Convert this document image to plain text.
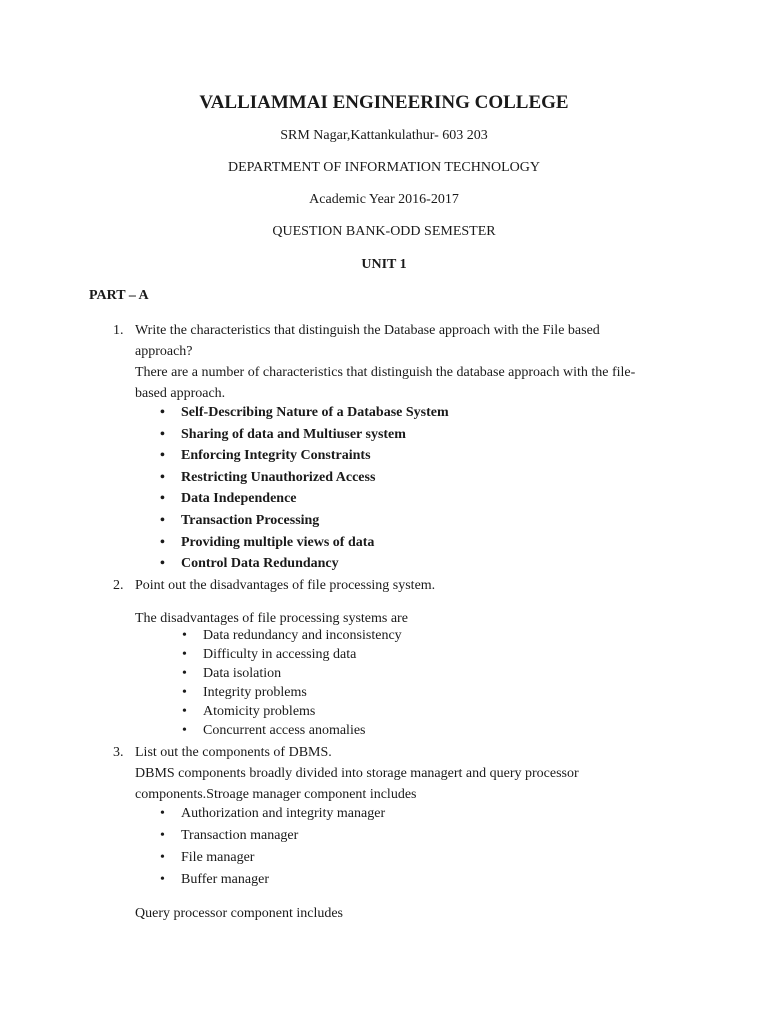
VALLIAMMAI ENGINEERING COLLEGE
SRM Nagar,Kattankulathur- 603 203
DEPARTMENT OF INFORMATION TECHNOLOGY
Academic Year 2016-2017
QUESTION BANK-ODD SEMESTER
UNIT 1
PART – A
1. Write the characteristics that distinguish the Database approach with the File based
approach?
There are a number of characteristics that distinguish the database approach with the file-
based approach.
• Self-Describing Nature of a Database System
• Sharing of data and Multiuser system
• Enforcing Integrity Constraints
• Restricting Unauthorized Access
• Data Independence
• Transaction Processing
• Providing multiple views of data
• Control Data Redundancy
2. Point out the disadvantages of file processing system.
The disadvantages of file processing systems are
• Data redundancy and inconsistency
• Difficulty in accessing data
• Data isolation
• Integrity problems
• Atomicity problems
• Concurrent access anomalies
3. List out the components of DBMS.
DBMS components broadly divided into storage managert and query processor
components.Stroage manager component includes
• Authorization and integrity manager
• Transaction manager
• File manager
• Buffer manager
Query processor component includes
